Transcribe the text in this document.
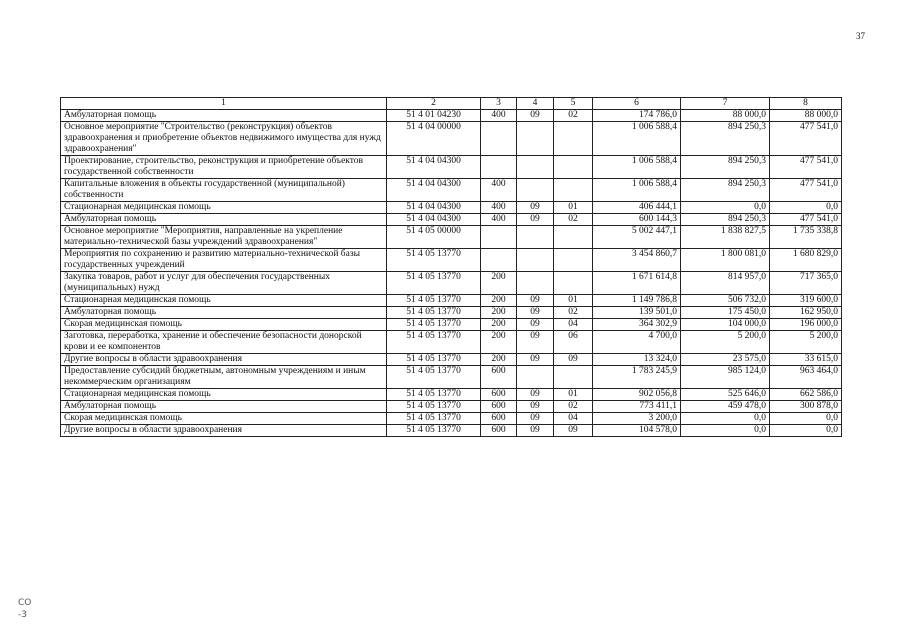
37
1	2	3	4	5	6	7	8
Амбулаторная помощь	51 4 01 04230	400	09	02	174 786,0	88 000,0	88 000,0
Основное мероприятие "Строительство (реконструкция) объектов здравоохранения и приобретение объектов недвижимого имущества для нужд здравоохранения"	51 4 04 00000				1 006 588,4	894 250,3	477 541,0
Проектирование, строительство, реконструкция и приобретение объектов государственной собственности	51 4 04 04300				1 006 588,4	894 250,3	477 541,0
Капитальные вложения в объекты государственной (муниципальной) собственности	51 4 04 04300	400			1 006 588,4	894 250,3	477 541,0
Стационарная медицинская помощь	51 4 04 04300	400	09	01	406 444,1	0,0	0,0
Амбулаторная помощь	51 4 04 04300	400	09	02	600 144,3	894 250,3	477 541,0
Основное мероприятие "Мероприятия, направленные на укрепление материально-технической базы учреждений здравоохранения"	51 4 05 00000				5 002 447,1	1 838 827,5	1 735 338,8
Мероприятия по сохранению и развитию материально-технической базы государственных учреждений	51 4 05 13770				3 454 860,7	1 800 081,0	1 680 829,0
Закупка товаров, работ и услуг для обеспечения государственных (муниципальных) нужд	51 4 05 13770	200			1 671 614,8	814 957,0	717 365,0
Стационарная медицинская помощь	51 4 05 13770	200	09	01	1 149 786,8	506 732,0	319 600,0
Амбулаторная помощь	51 4 05 13770	200	09	02	139 501,0	175 450,0	162 950,0
Скорая медицинская помощь	51 4 05 13770	200	09	04	364 302,9	104 000,0	196 000,0
Заготовка, переработка, хранение и обеспечение безопасности донорской крови и ее компонентов	51 4 05 13770	200	09	06	4 700,0	5 200,0	5 200,0
Другие вопросы в области здравоохранения	51 4 05 13770	200	09	09	13 324,0	23 575,0	33 615,0
Предоставление субсидий бюджетным, автономным учреждениям и иным некоммерческим организациям	51 4 05 13770	600			1 783 245,9	985 124,0	963 464,0
Стационарная медицинская помощь	51 4 05 13770	600	09	01	902 056,8	525 646,0	662 586,0
Амбулаторная помощь	51 4 05 13770	600	09	02	773 411,1	459 478,0	300 878,0
Скорая медицинская помощь	51 4 05 13770	600	09	04	3 200,0	0,0	0,0
Другие вопросы в области здравоохранения	51 4 05 13770	600	09	09	104 578,0	0,0	0,0
CO
-3
